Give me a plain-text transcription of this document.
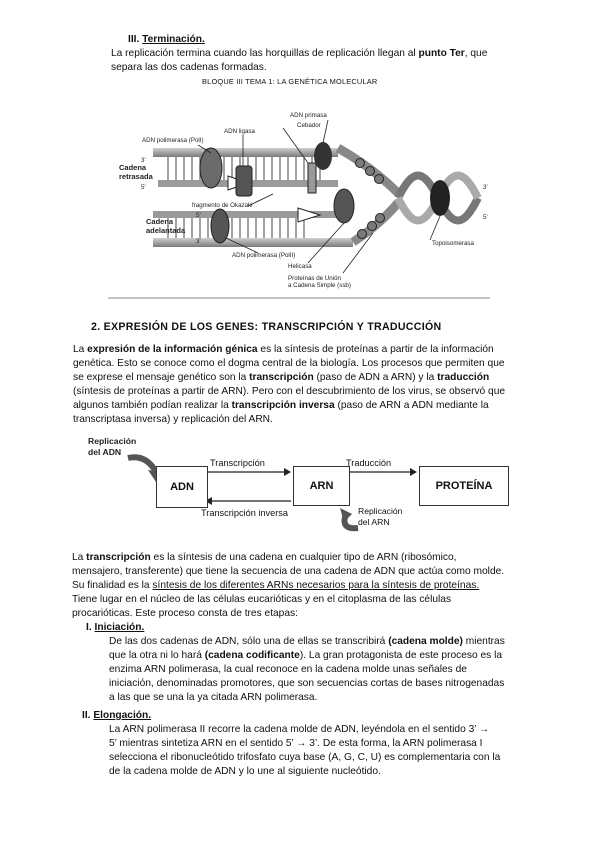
III. Terminación.
La replicación termina cuando las horquillas de replicación llegan al punto Ter, que
separa las dos cadenas formadas.
BLOQUE III TEMA 1: LA GENÉTICA MOLECULAR
ADN primasa
Cebador
ADN ligasa
ADN polimerasa (PolI)
3'
Cadena
retrasada
5'
fragmento de Okazaki
5'
Cadena
adelantada
3'
ADN polimerasa (PolII)
Helicasa
Proteínas de Unión
a Cadena Simple (ssb)
Topoisomerasa
3'
5'
2. EXPRESIÓN DE LOS GENES: TRANSCRIPCIÓN Y TRADUCCIÓN
La expresión de la información génica es la síntesis de proteínas a partir de la información
genética. Esto se conoce como el dogma central de la biología. Los procesos que permiten que
se exprese el mensaje genético son la transcripción (paso de ADN a ARN) y la traducción
(síntesis de proteínas a partir de ARN). Pero con el descubrimiento de los virus, se observó que
algunos también podían realizar la transcripción inversa (paso de ARN a ADN mediante la
transcriptasa inversa) y replicación del ARN.
Replicación
del ADN
ADN
Transcripción
ARN
Traducción
PROTEÍNA
Transcripción inversa	Replicación
del ARN
La transcripción es la síntesis de una cadena en cualquier tipo de ARN (ribosómico,
mensajero, transferente) que tiene la secuencia de una cadena de ADN que actúa como molde.
Su finalidad es la síntesis de los diferentes ARNs necesarios para la síntesis de proteínas.
Tiene lugar en el núcleo de las células eucarióticas y en el citoplasma de las células
procarióticas. Este proceso consta de tres etapas:
I. Iniciación.
De las dos cadenas de ADN, sólo una de ellas se transcribirá (cadena molde) mientras
que la otra ni lo hará (cadena codificante). La gran protagonista de este proceso es la
enzima ARN polimerasa, la cual reconoce en la cadena molde unas señales de
iniciación, denominadas promotores, que son secuencias cortas de bases nitrogenadas
a las que se una la ya citada ARN polimerasa.
II. Elongación.
La ARN polimerasa II recorre la cadena molde de ADN, leyéndola en el sentido 3’ →
5’ mientras sintetiza ARN en el sentido 5’ → 3’. De esta forma, la ARN polimerasa I
selecciona el ribonucleótido trifosfato cuya base (A, G, C, U) es complementaria con la
de la cadena molde de ADN y lo une al siguiente nucleótido.
